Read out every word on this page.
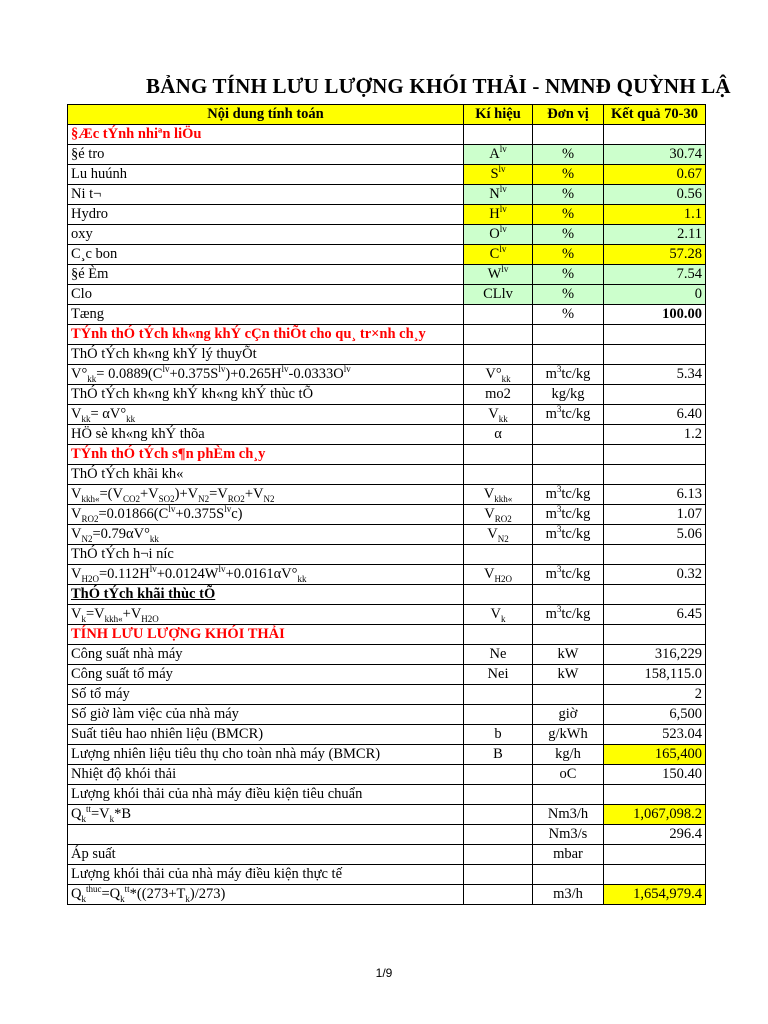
BẢNG TÍNH LƯU LƯỢNG KHÓI THẢI - NMNĐ QUỲNH LẬ
Nội dung tính toán	Kí hiệu	Đơn vị	Kết quả 70-30
§Æc tÝnh nhiªn liÖu			
§é tro	$A^{lv}$	%	30.74
Lu huúnh	$S^{lv}$	%	0.67
Ni t¬	$N^{lv}$	%	0.56
Hydro	$H^{lv}$	%	1.1
oxy	$O^{lv}$	%	2.11
C¸c bon	$C^{lv}$	%	57.28
§é Èm	$W^{lv}$	%	7.54
Clo	CLlv	%	0
Tæng		%	100.00
TÝnh thÓ tÝch kh«ng khÝ cÇn thiÕt cho qu¸ tr×nh ch¸y			
ThÓ tÝch kh«ng khÝ lý thuyÕt			
$V^\circ_{kk}= 0.0889(C^{lv}+0.375S^{lv})+0.265H^{lv}-0.0333O^{lv}$	$V^\circ_{kk}$	$m^3tc/kg$	5.34
ThÓ tÝch kh«ng khÝ kh«ng khÝ thùc tÕ	mo2	kg/kg	
$V_{kk}= \alpha V^\circ_{kk}$	$V_{kk}$	$m^3tc/kg$	6.40
HÖ sè kh«ng khÝ thõa	α		1.2
TÝnh thÓ tÝch s¶n phÈm ch¸y			
ThÓ tÝch khãi kh«			
$V_{kkh«}=(V_{CO2}+V_{SO2})+V_{N2}=V_{RO2}+V_{N2}$	$V_{kkh«}$	$m^3tc/kg$	6.13
$V_{RO2}=0.01866(C^{lv}+0.375S^{lv}c)$	$V_{RO2}$	$m^3tc/kg$	1.07
$V_{N2}=0.79\alpha V^\circ_{kk}$	$V_{N2}$	$m^3tc/kg$	5.06
ThÓ tÝch h¬i níc			
$V_{H2O}=0.112H^{lv}+0.0124W^{lv}+0.0161\alpha V^\circ_{kk}$	$V_{H2O}$	$m^3tc/kg$	0.32
ThÓ tÝch khãi thùc tÕ			
$V_k=V_{kkh«}+V_{H2O}$	$V_k$	$m^3tc/kg$	6.45
TÍNH LƯU LƯỢNG KHÓI THẢI			
Công suất nhà máy	Ne	kW	316,229
Công suất tổ máy	Nei	kW	158,115.0
Số tổ máy			2
Số giờ làm việc của nhà máy		giờ	6,500
Suất tiêu hao nhiên liệu (BMCR)	b	g/kWh	523.04
Lượng nhiên liệu tiêu thụ cho toàn nhà máy (BMCR)	B	kg/h	165,400
Nhiệt độ khói thải		oC	150.40
Lượng khói thải của nhà máy điều kiện tiêu chuẩn			
$Q_k^{tt}=V_k*B$		Nm3/h	1,067,098.2
		Nm3/s	296.4
Áp suất		mbar	
Lượng khói thải của nhà máy điều kiện thực tế			
$Q_k^{thuc}=Q_k^{tt}*((273+T_k)/273)$		m3/h	1,654,979.4
1/9
